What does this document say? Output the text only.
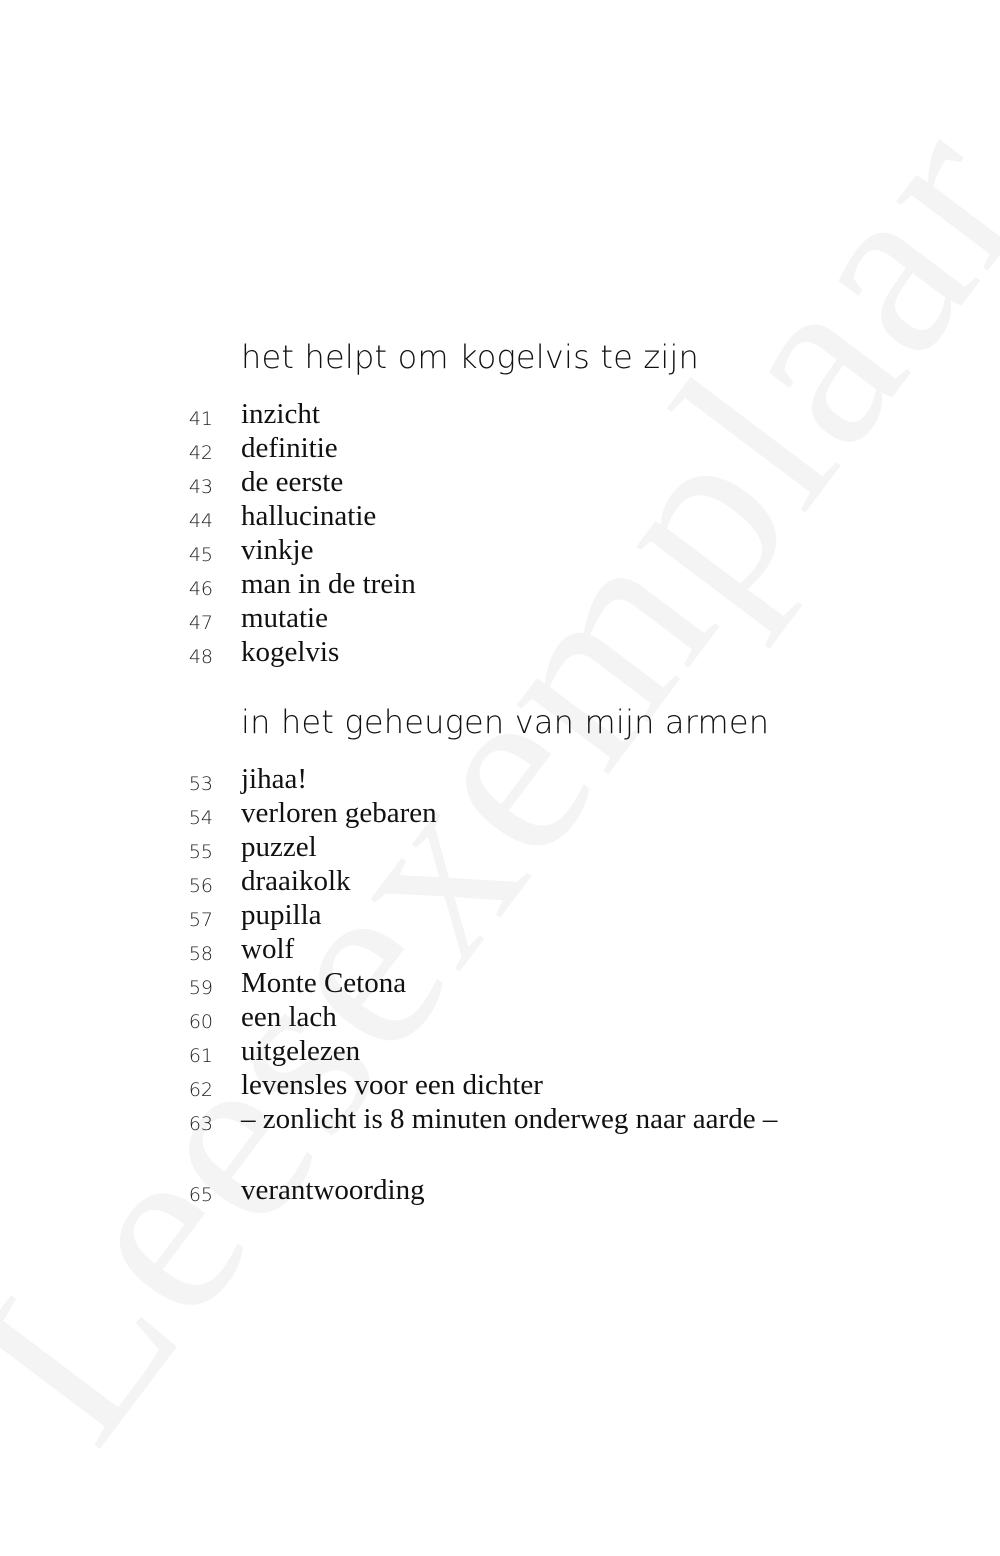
het helpt om kogelvis te zijn
41 inzicht
42 definitie
43 de eerste
44 hallucinatie
45 vinkje
46 man in de trein
47 mutatie
48 kogelvis
in het geheugen van mijn armen
53 jihaa!
54 verloren gebaren
55 puzzel
56 draaikolk
57 pupilla
58 wolf
59 Monte Cetona
60 een lach
61 uitgelezen
62 levensles voor een dichter
63 – zonlicht is 8 minuten onderweg naar aarde –
65 verantwoording
